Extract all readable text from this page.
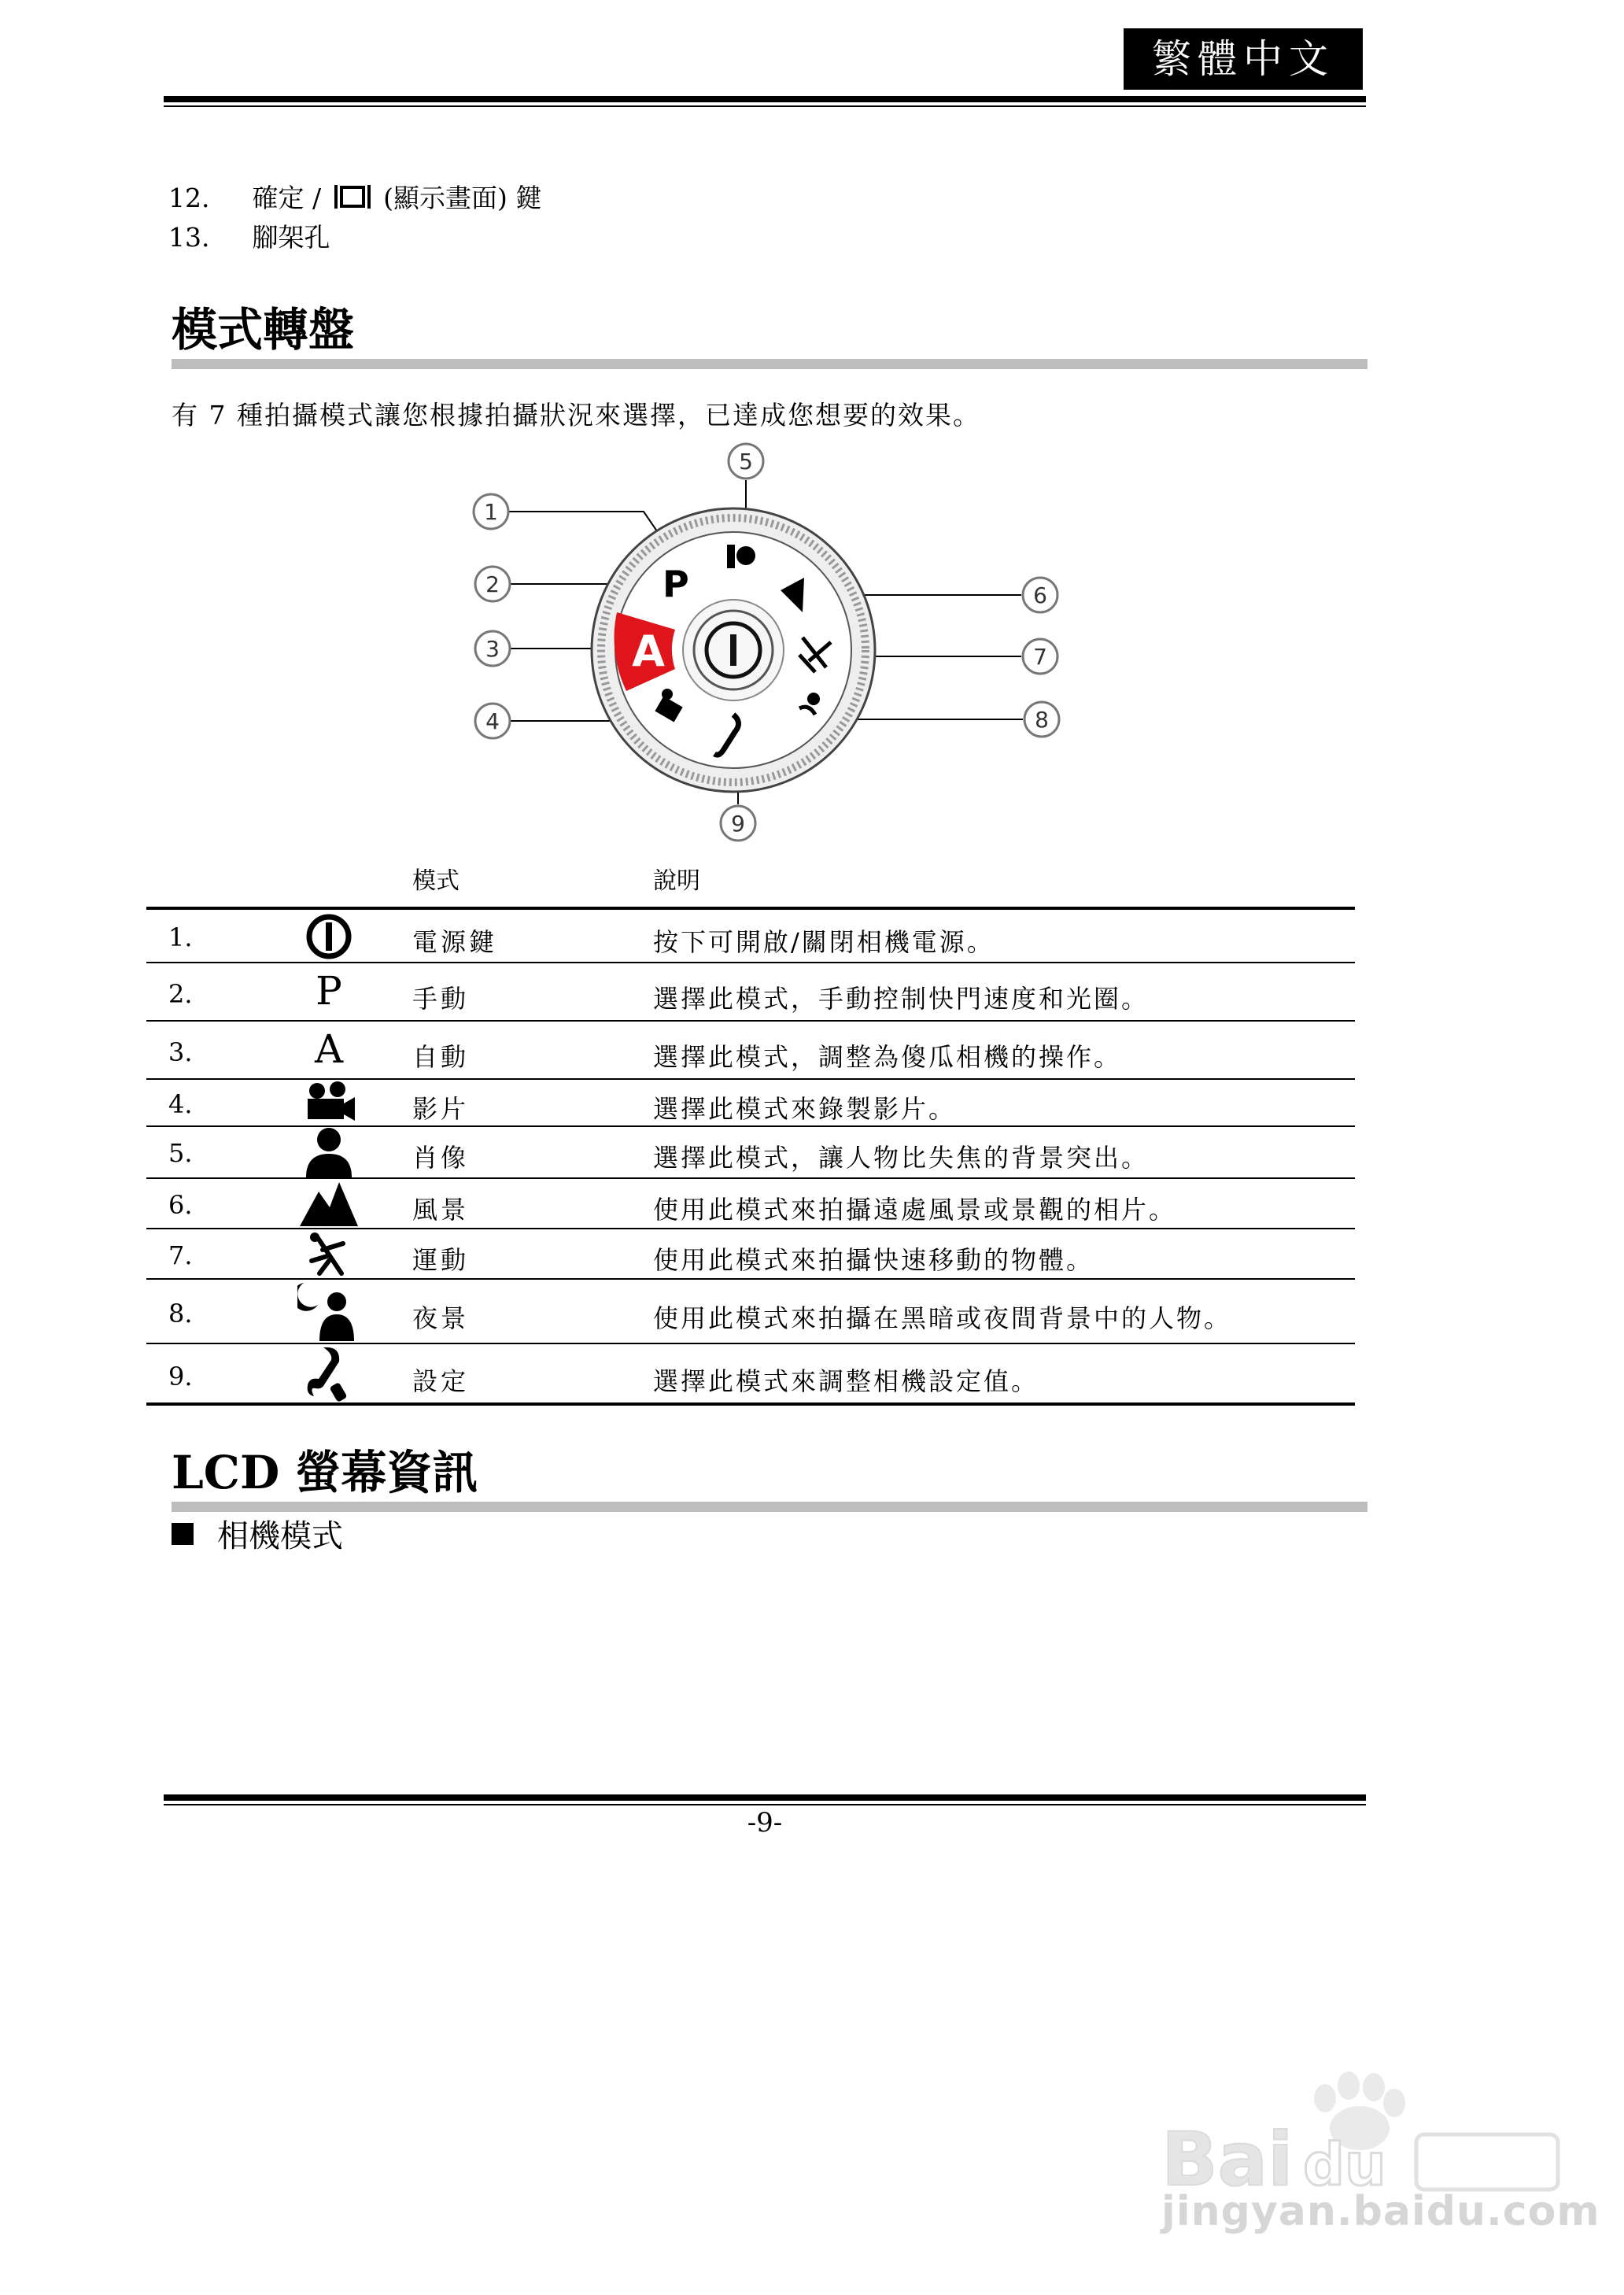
繁體中文
12. 確定 / (顯示畫面) 鍵
13. 腳架孔
模式轉盤
有 7 種拍攝模式讓您根據拍攝狀況來選擇，已達成您想要的效果。
A
P
1
2
3
4
5
6
7
8
9
模式	說明
1.	電源鍵	按下可開啟/關閉相機電源。
2.	P	手動	選擇此模式，手動控制快門速度和光圈。
3.	A	自動	選擇此模式，調整為傻瓜相機的操作。
4.	影片	選擇此模式來錄製影片。
5.	肖像	選擇此模式，讓人物比失焦的背景突出。
6.	風景	使用此模式來拍攝遠處風景或景觀的相片。
7.	運動	使用此模式來拍攝快速移動的物體。
8.	夜景	使用此模式來拍攝在黑暗或夜間背景中的人物。
9.	設定	選擇此模式來調整相機設定值。
LCD 螢幕資訊
相機模式
-9-
Bai du
jingyan.baidu.com
